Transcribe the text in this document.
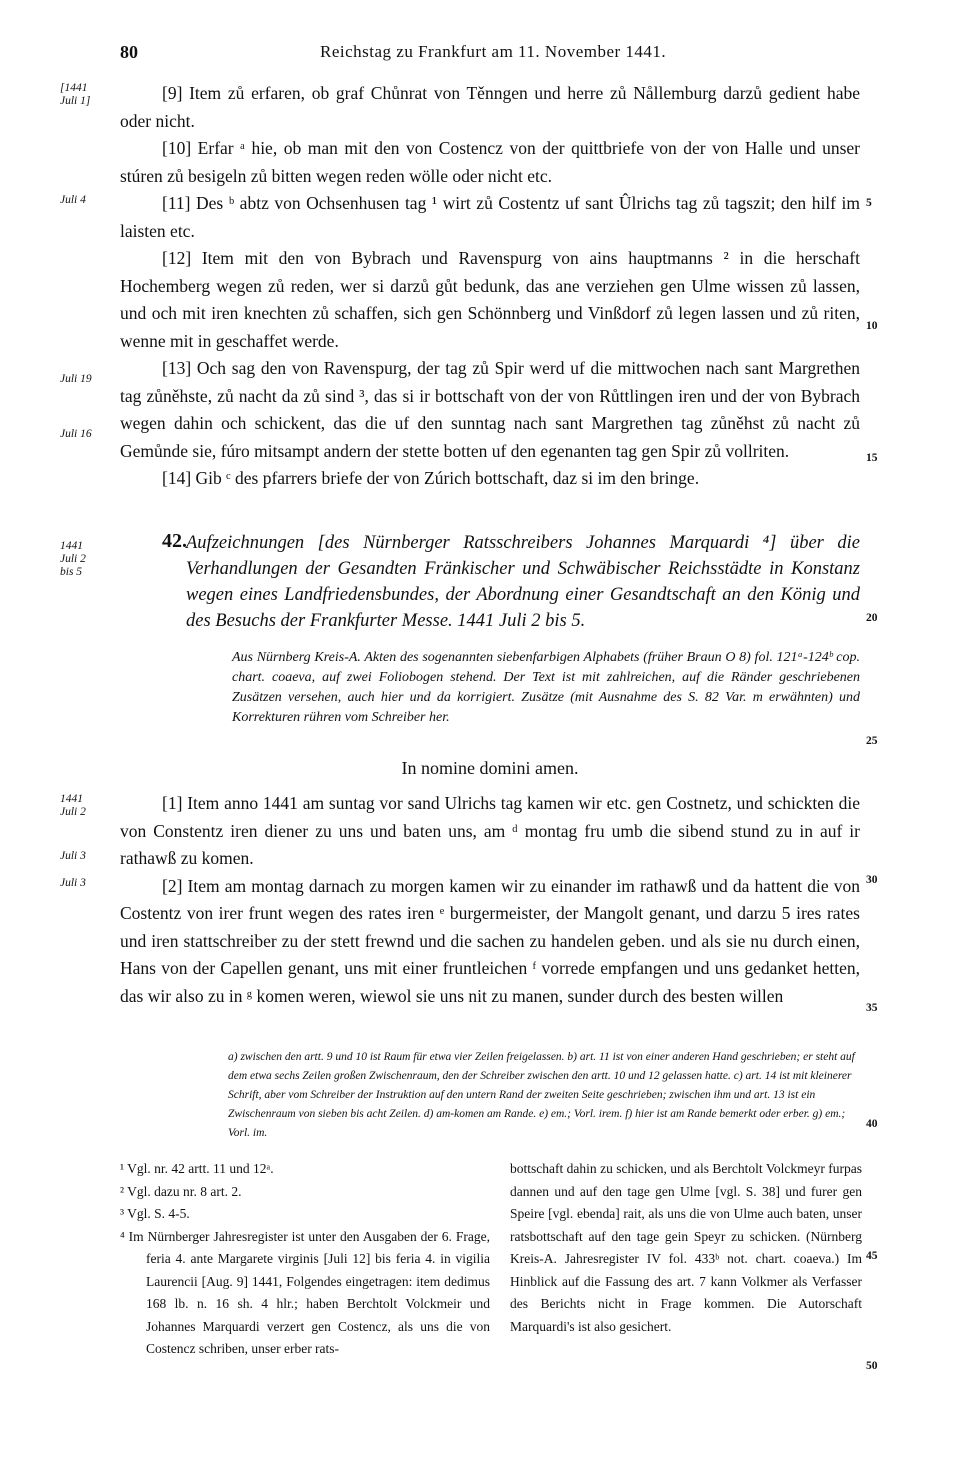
80	Reichstag zu Frankfurt am 11. November 1441.
[1441
Juli 1]
Juli 4
Juli 19
Juli 16
1441
Juli 2
bis 5
1441
Juli 2
Juli 3
Juli 3
5
10
15
20
25
30
35
40
45
50

[9] Item zů erfaren, ob graf Chůnrat von Těnngen und herre zů Nållemburg darzů gedient habe oder nicht.

[10] Erfar ᵃ hie, ob man mit den von Costencz von der quittbriefe von der von Halle und unser stúren zů besigeln zů bitten wegen reden wölle oder nicht etc.

[11] Des ᵇ abtz von Ochsenhusen tag ¹ wirt zů Costentz uf sant Ûlrichs tag zů tagszit; den hilf im laisten etc.

[12] Item mit den von Bybrach und Ravenspurg von ains hauptmanns ² in die herschaft Hochemberg wegen zů reden, wer si darzů gůt bedunk, das ane verziehen gen Ulme wissen zů lassen, und och mit iren knechten zů schaffen, sich gen Schönnberg und Vinßdorf zů legen lassen und zů riten, wenne mit in geschaffet werde.

[13] Och sag den von Ravenspurg, der tag zů Spir werd uf die mittwochen nach sant Margrethen tag zůněhste, zů nacht da zů sind ³, das si ir bottschaft von der von Růttlingen iren und der von Bybrach wegen dahin och schickent, das die uf den sunntag nach sant Margrethen tag zůněhst zů nacht zů Gemůnde sie, fúro mitsampt andern der stette botten uf den egenanten tag gen Spir zů vollriten.

[14] Gib ᶜ des pfarrers briefe der von Zúrich bottschaft, daz si im den bringe.

42. Aufzeichnungen [des Nürnberger Ratsschreibers Johannes Marquardi ⁴] über die Verhandlungen der Gesandten Fränkischer und Schwäbischer Reichsstädte in Konstanz wegen eines Landfriedensbundes, der Abordnung einer Gesandtschaft an den König und des Besuchs der Frankfurter Messe. 1441 Juli 2 bis 5.

Aus Nürnberg Kreis-A. Akten des sogenannten siebenfarbigen Alphabets (früher Braun O 8) fol. 121ᵃ-124ᵇ cop. chart. coaeva, auf zwei Foliobogen stehend. Der Text ist mit zahlreichen, auf die Ränder geschriebenen Zusätzen versehen, auch hier und da korrigiert. Zusätze (mit Ausnahme des S. 82 Var. m erwähnten) und Korrekturen rühren vom Schreiber her.

In nomine domini amen.

[1] Item anno 1441 am suntag vor sand Ulrichs tag kamen wir etc. gen Costnetz, und schickten die von Constentz iren diener zu uns und baten uns, am ᵈ montag fru umb die sibend stund zu in auf ir rathawß zu komen.

[2] Item am montag darnach zu morgen kamen wir zu einander im rathawß und da hattent die von Costentz von irer frunt wegen des rates iren ᵉ burgermeister, der Mangolt genant, und darzu 5 ires rates und iren stattschreiber zu der stett frewnd und die sachen zu handelen geben. und als sie nu durch einen, Hans von der Capellen genant, uns mit einer fruntleichen ᶠ vorrede empfangen und uns gedanket hetten, das wir also zu in ᵍ komen weren, wiewol sie uns nit zu manen, sunder durch des besten willen

a) zwischen den artt. 9 und 10 ist Raum für etwa vier Zeilen freigelassen. b) art. 11 ist von einer anderen Hand geschrieben; er steht auf dem etwa sechs Zeilen großen Zwischenraum, den der Schreiber zwischen den artt. 10 und 12 gelassen hatte. c) art. 14 ist mit kleinerer Schrift, aber vom Schreiber der Instruktion auf den untern Rand der zweiten Seite geschrieben; zwischen ihm und art. 13 ist ein Zwischenraum von sieben bis acht Zeilen. d) am-komen am Rande. e) em.; Vorl. irem. f) hier ist am Rande bemerkt oder erber. g) em.; Vorl. im.

¹ Vgl. nr. 42 artt. 11 und 12ᵃ.

² Vgl. dazu nr. 8 art. 2.

³ Vgl. S. 4-5.

⁴ Im Nürnberger Jahresregister ist unter den Ausgaben der 6. Frage, feria 4. ante Margarete virginis [Juli 12] bis feria 4. in vigilia Laurencii [Aug. 9] 1441, Folgendes eingetragen: item dedimus 168 lb. n. 16 sh. 4 hlr.; haben Berchtolt Volckmeir und Johannes Marquardi verzert gen Costencz, als uns die von Costencz schriben, unser erber rats-

bottschaft dahin zu schicken, und als Berchtolt Volckmeyr furpas dannen und auf den tage gen Ulme [vgl. S. 38] und furer gen Speire [vgl. ebenda] rait, als uns die von Ulme auch baten, unser ratsbottschaft auf den tage gein Speyr zu schicken. (Nürnberg Kreis-A. Jahresregister IV fol. 433ᵇ not. chart. coaeva.) Im Hinblick auf die Fassung des art. 7 kann Volkmer als Verfasser des Berichts nicht in Frage kommen. Die Autorschaft Marquardi's ist also gesichert.
